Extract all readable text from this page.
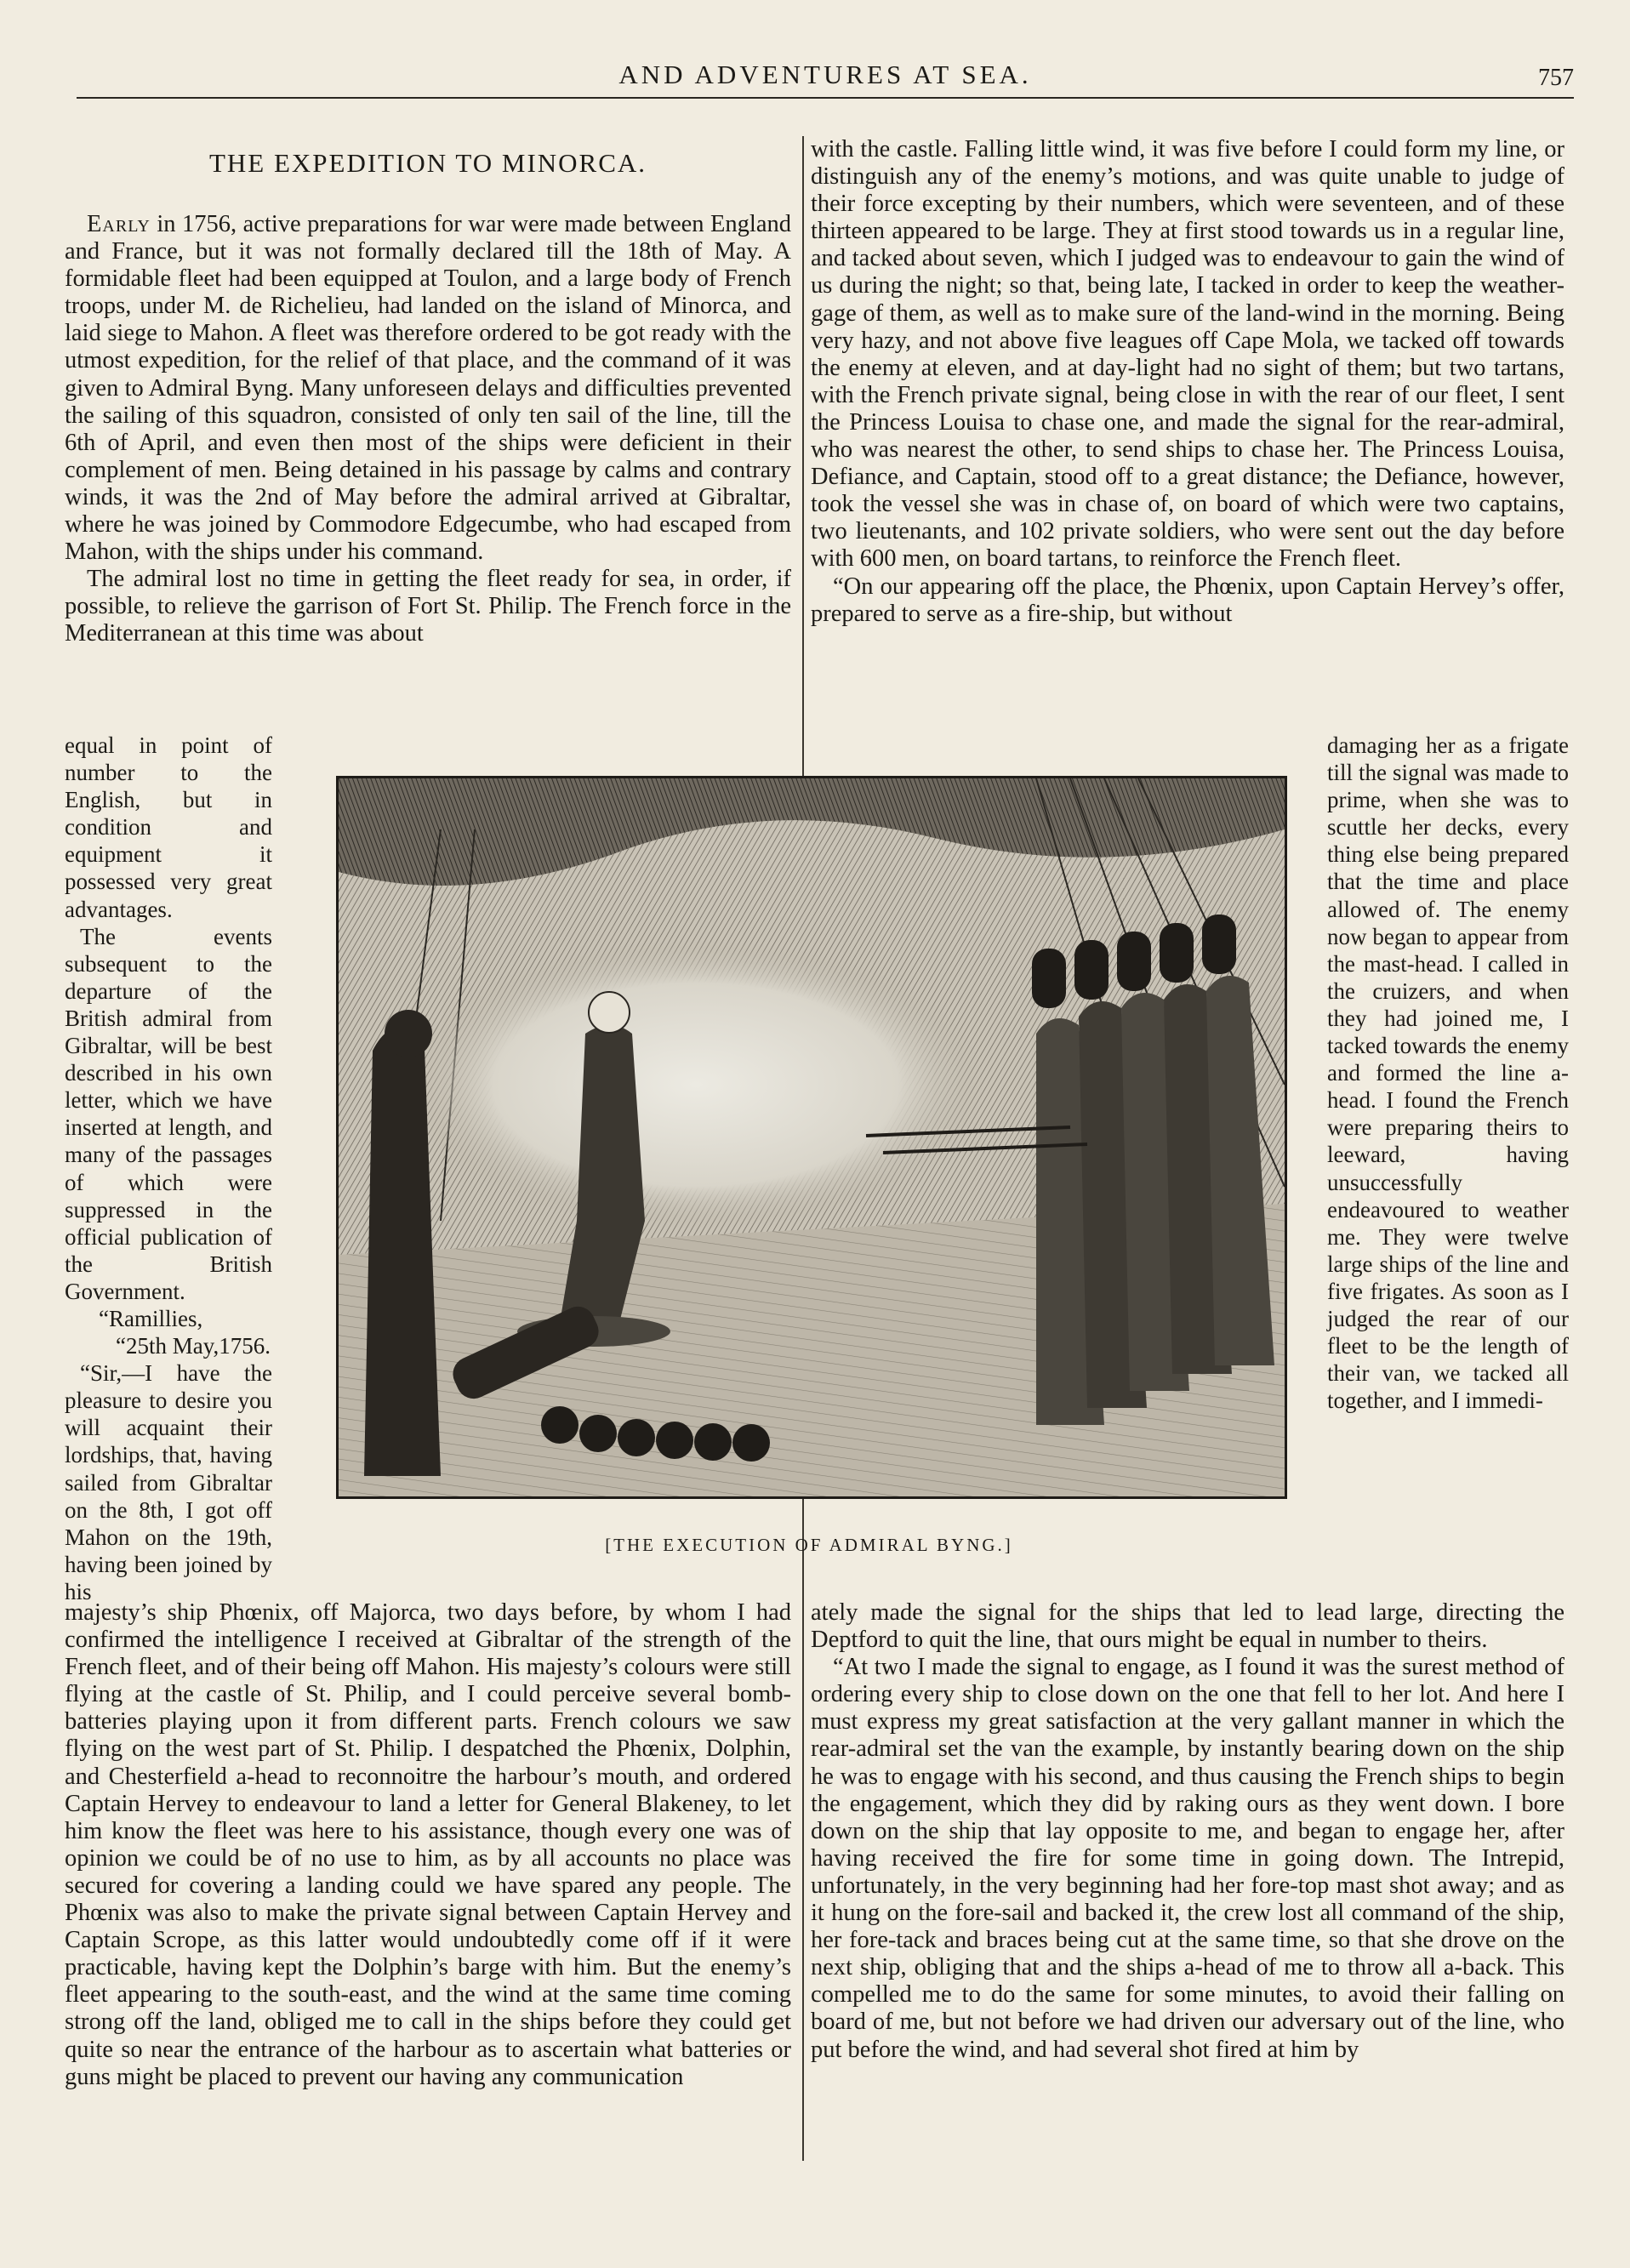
AND ADVENTURES AT SEA.	757
THE EXPEDITION TO MINORCA.

Early in 1756, active preparations for war were made between England and France, but it was not formally declared till the 18th of May. A formidable fleet had been equipped at Toulon, and a large body of French troops, under M. de Richelieu, had landed on the island of Minorca, and laid siege to Mahon. A fleet was therefore ordered to be got ready with the utmost expedition, for the relief of that place, and the command of it was given to Admiral Byng. Many unforeseen delays and difficulties prevented the sailing of this squadron, consisted of only ten sail of the line, till the 6th of April, and even then most of the ships were deficient in their complement of men. Being detained in his passage by calms and contrary winds, it was the 2nd of May before the admiral arrived at Gibraltar, where he was joined by Commodore Edgecumbe, who had escaped from Mahon, with the ships under his command.

The admiral lost no time in getting the fleet ready for sea, in order, if possible, to relieve the garrison of Fort St. Philip. The French force in the Mediterranean at this time was about

equal in point of number to the English, but in condition and equipment it possessed very great advantages.

The events subsequent to the departure of the British admiral from Gibraltar, will be best described in his own letter, which we have inserted at length, and many of the passages of which were suppressed in the official publication of the British Government.

“Ramillies,

“25th May,1756.

“Sir,—I have the pleasure to desire you will acquaint their lordships, that, having sailed from Gibraltar on the 8th, I got off Mahon on the 19th, having been joined by his

majesty’s ship Phœnix, off Majorca, two days before, by whom I had confirmed the intelligence I received at Gibraltar of the strength of the French fleet, and of their being off Mahon. His majesty’s colours were still flying at the castle of St. Philip, and I could perceive several bomb-batteries playing upon it from different parts. French colours we saw flying on the west part of St. Philip. I despatched the Phœnix, Dolphin, and Chesterfield a-head to reconnoitre the harbour’s mouth, and ordered Captain Hervey to endeavour to land a letter for General Blakeney, to let him know the fleet was here to his assistance, though every one was of opinion we could be of no use to him, as by all accounts no place was secured for covering a landing could we have spared any people. The Phœnix was also to make the private signal between Captain Hervey and Captain Scrope, as this latter would undoubtedly come off if it were practicable, having kept the Dolphin’s barge with him. But the enemy’s fleet appearing to the south-east, and the wind at the same time coming strong off the land, obliged me to call in the ships before they could get quite so near the entrance of the harbour as to ascertain what batteries or guns might be placed to prevent our having any communication

with the castle. Falling little wind, it was five before I could form my line, or distinguish any of the enemy’s motions, and was quite unable to judge of their force excepting by their numbers, which were seventeen, and of these thirteen appeared to be large. They at first stood towards us in a regular line, and tacked about seven, which I judged was to endeavour to gain the wind of us during the night; so that, being late, I tacked in order to keep the weather-gage of them, as well as to make sure of the land-wind in the morning. Being very hazy, and not above five leagues off Cape Mola, we tacked off towards the enemy at eleven, and at day-light had no sight of them; but two tartans, with the French private signal, being close in with the rear of our fleet, I sent the Princess Louisa to chase one, and made the signal for the rear-admiral, who was nearest the other, to send ships to chase her. The Princess Louisa, Defiance, and Captain, stood off to a great distance; the Defiance, however, took the vessel she was in chase of, on board of which were two captains, two lieutenants, and 102 private soldiers, who were sent out the day before with 600 men, on board tartans, to reinforce the French fleet.

“On our appearing off the place, the Phœnix, upon Captain Hervey’s offer, prepared to serve as a fire-ship, but without

damaging her as a frigate till the signal was made to prime, when she was to scuttle her decks, every thing else being prepared that the time and place allowed of. The enemy now began to appear from the mast-head. I called in the cruizers, and when they had joined me, I tacked towards the enemy and formed the line a-head. I found the French were preparing theirs to leeward, having unsuccessfully endeavoured to weather me. They were twelve large ships of the line and five frigates. As soon as I judged the rear of our fleet to be the length of their van, we tacked all together, and I immedi-

ately made the signal for the ships that led to lead large, directing the Deptford to quit the line, that ours might be equal in number to theirs.

“At two I made the signal to engage, as I found it was the surest method of ordering every ship to close down on the one that fell to her lot. And here I must express my great satisfaction at the very gallant manner in which the rear-admiral set the van the example, by instantly bearing down on the ship he was to engage with his second, and thus causing the French ships to begin the engagement, which they did by raking ours as they went down. I bore down on the ship that lay opposite to me, and began to engage her, after having received the fire for some time in going down. The Intrepid, unfortunately, in the very beginning had her fore-top mast shot away; and as it hung on the fore-sail and backed it, the crew lost all command of the ship, her fore-tack and braces being cut at the same time, so that she drove on the next ship, obliging that and the ships a-head of me to throw all a-back. This compelled me to do the same for some minutes, to avoid their falling on board of me, but not before we had driven our adversary out of the line, who put before the wind, and had several shot fired at him by

[THE EXECUTION OF ADMIRAL BYNG.]
